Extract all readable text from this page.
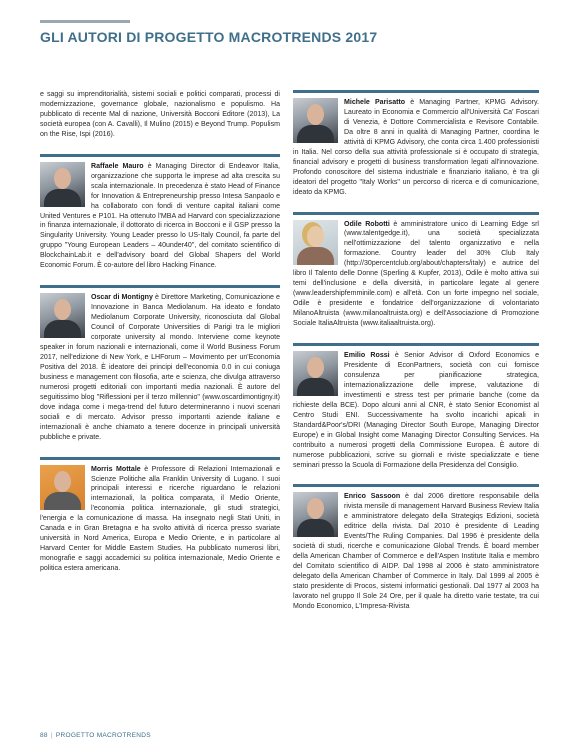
GLI AUTORI DI PROGETTO MACROTRENDS 2017
e saggi su imprenditorialità, sistemi sociali e politici comparati, processi di modernizzazione, governance globale, nazionalismo e populismo. Ha pubblicato di recente Mal di nazione, Università Bocconi Editore (2013), La società europea (con A. Cavalli), Il Mulino (2015) e Beyond Trump. Populism on the Rise, Ispi (2016).
Raffaele Mauro è Managing Director di Endeavor Italia, organizzazione che supporta le imprese ad alta crescita su scala internazionale. In precedenza è stato Head of Finance for Innovation & Entrepreneurship presso Intesa Sanpaolo e ha collaborato con fondi di venture capital italiani come United Ventures e P101. Ha ottenuto l'MBA ad Harvard con specializzazione in finanza internazionale, il dottorato di ricerca in Bocconi e il GSP presso la Singularity University. Young Leader presso lo US-Italy Council, fa parte del gruppo "Young European Leaders – 40under40", del comitato scientifico di BlockchainLab.it e dell'advisory board del Global Shapers del World Economic Forum. È co-autore del libro Hacking Finance.
Oscar di Montigny è Direttore Marketing, Comunicazione e Innovazione in Banca Mediolanum. Ha ideato e fondato Mediolanum Corporate University, riconosciuta dal Global Council of Corporate Universities di Parigi tra le migliori corporate university al mondo. Interviene come keynote speaker in forum nazionali e internazionali, come il World Business Forum 2017, nell'edizione di New York, e LHForum – Movimento per un'Economia Positiva del 2018. È ideatore dei principi dell'economia 0.0 in cui coniuga business e management con filosofia, arte e scienza, che divulga attraverso numerosi progetti editoriali con importanti media nazionali. È autore del seguitissimo blog "Riflessioni per il terzo millennio" (www.oscardimontigny.it) dove indaga come i mega-trend del futuro determineranno i nuovi scenari sociali e di mercato. Advisor presso importanti aziende italiane e internazionali è anche chiamato a tenere docenze in principali università pubbliche e private.
Morris Mottale è Professore di Relazioni Internazionali e Scienze Politiche alla Franklin University di Lugano. I suoi principali interessi e ricerche riguardano le relazioni internazionali, la politica comparata, il Medio Oriente, l'economia politica internazionale, gli studi strategici, l'energia e la comunicazione di massa. Ha insegnato negli Stati Uniti, in Canada e in Gran Bretagna e ha svolto attività di ricerca presso svariate università in Nord America, Europa e Medio Oriente, e in particolare al Harvard Center for Middle Eastern Studies. Ha pubblicato numerosi libri, monografie e saggi accademici su politica internazionale, Medio Oriente e politica estera americana.
Michele Parisatto è Managing Partner, KPMG Advisory. Laureato in Economia e Commercio all'Università Ca' Foscari di Venezia, è Dottore Commercialista e Revisore Contabile. Da oltre 8 anni in qualità di Managing Partner, coordina le attività di KPMG Advisory, che conta circa 1.400 professionisti in Italia. Nel corso della sua attività professionale si è occupato di strategia, financial advisory e progetti di business transformation legati all'innovazione. Profondo conoscitore del sistema industriale e finanziario italiano, è tra gli ideatori del progetto "Italy Works" un percorso di ricerca e di comunicazione, ideato da KPMG.
Odile Robotti è amministratore unico di Learning Edge srl (www.talentgedge.it), una società specializzata nell'ottimizzazione del talento organizzativo e nella formazione. Country leader del 30% Club Italy (http://30percentclub.org/about/chapters/italy) e autrice del libro Il Talento delle Donne (Sperling & Kupfer, 2013), Odile è molto attiva sui temi dell'inclusione e della diversità, in particolare legate al genere (www.leadershipfemminile.com) e all'età. Con un forte impegno nel sociale, Odile è presidente e fondatrice dell'organizzazione di volontariato MilanoAltruista (www.milanoaltruista.org) e dell'Associazione di Promozione Sociale ItaliaAltruista (www.italiaaltruista.org).
Emilio Rossi è Senior Advisor di Oxford Economics e Presidente di EconPartners, società con cui fornisce consulenza per pianificazione strategica, internazionalizzazione delle imprese, valutazione di investimenti e stress test per primarie banche (come da richieste della BCE). Dopo alcuni anni al CNR, è stato Senior Economist al Centro Studi ENI. Successivamente ha svolto incarichi apicali in Standard&Poor's/DRI (Managing Director South Europe, Managing Director Europe) e in Global Insight come Managing Director Consulting Services. Ha contribuito a numerosi progetti della Commissione Europea. È autore di numerose pubblicazioni, scrive su giornali e riviste specializzate e tiene seminari presso la Scuola di Formazione della Presidenza del Consiglio.
Enrico Sassoon è dal 2006 direttore responsabile della rivista mensile di management Harvard Business Review Italia e amministratore delegato della Strategiqs Edizioni, società editrice della rivista. Dal 2010 è presidente di Leading Events/The Ruling Companies. Dal 1996 è presidente della società di studi, ricerche e comunicazione Global Trends. È board member della American Chamber of Commerce e dell'Aspen Institute Italia e membro del Comitato scientifico di AIDP. Dal 1998 al 2006 è stato amministratore delegato della American Chamber of Commerce in Italy. Dal 1999 al 2005 è stato presidente di Procos, sistemi informatici gestionali. Dal 1977 al 2003 ha lavorato nel gruppo Il Sole 24 Ore, per il quale ha diretto varie testate, tra cui Mondo Economico, L'Impresa-Rivista
88 | PROGETTO MACROTRENDS
